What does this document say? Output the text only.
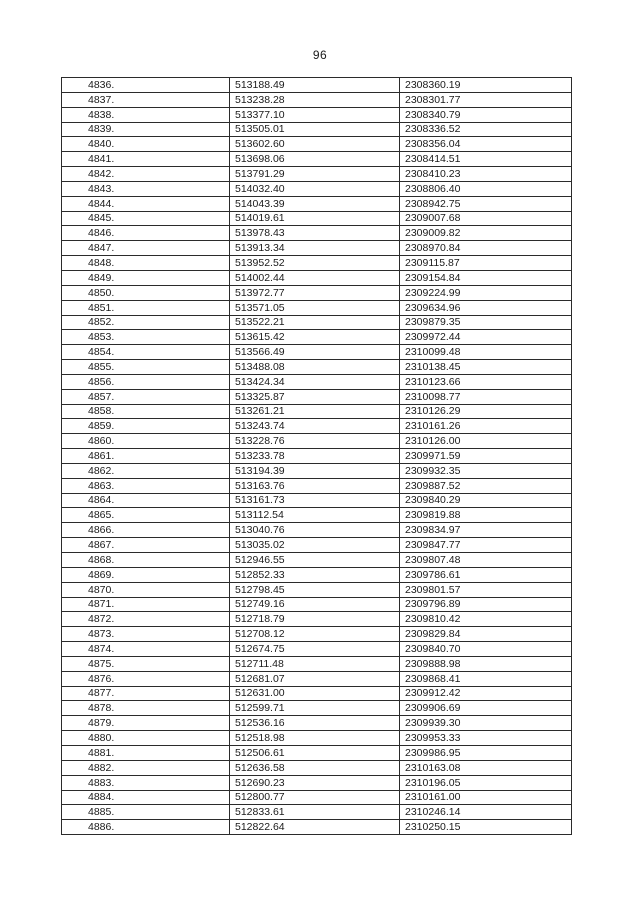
96
4836.	513188.49	2308360.19
4837.	513238.28	2308301.77
4838.	513377.10	2308340.79
4839.	513505.01	2308336.52
4840.	513602.60	2308356.04
4841.	513698.06	2308414.51
4842.	513791.29	2308410.23
4843.	514032.40	2308806.40
4844.	514043.39	2308942.75
4845.	514019.61	2309007.68
4846.	513978.43	2309009.82
4847.	513913.34	2308970.84
4848.	513952.52	2309115.87
4849.	514002.44	2309154.84
4850.	513972.77	2309224.99
4851.	513571.05	2309634.96
4852.	513522.21	2309879.35
4853.	513615.42	2309972.44
4854.	513566.49	2310099.48
4855.	513488.08	2310138.45
4856.	513424.34	2310123.66
4857.	513325.87	2310098.77
4858.	513261.21	2310126.29
4859.	513243.74	2310161.26
4860.	513228.76	2310126.00
4861.	513233.78	2309971.59
4862.	513194.39	2309932.35
4863.	513163.76	2309887.52
4864.	513161.73	2309840.29
4865.	513112.54	2309819.88
4866.	513040.76	2309834.97
4867.	513035.02	2309847.77
4868.	512946.55	2309807.48
4869.	512852.33	2309786.61
4870.	512798.45	2309801.57
4871.	512749.16	2309796.89
4872.	512718.79	2309810.42
4873.	512708.12	2309829.84
4874.	512674.75	2309840.70
4875.	512711.48	2309888.98
4876.	512681.07	2309868.41
4877.	512631.00	2309912.42
4878.	512599.71	2309906.69
4879.	512536.16	2309939.30
4880.	512518.98	2309953.33
4881.	512506.61	2309986.95
4882.	512636.58	2310163.08
4883.	512690.23	2310196.05
4884.	512800.77	2310161.00
4885.	512833.61	2310246.14
4886.	512822.64	2310250.15
